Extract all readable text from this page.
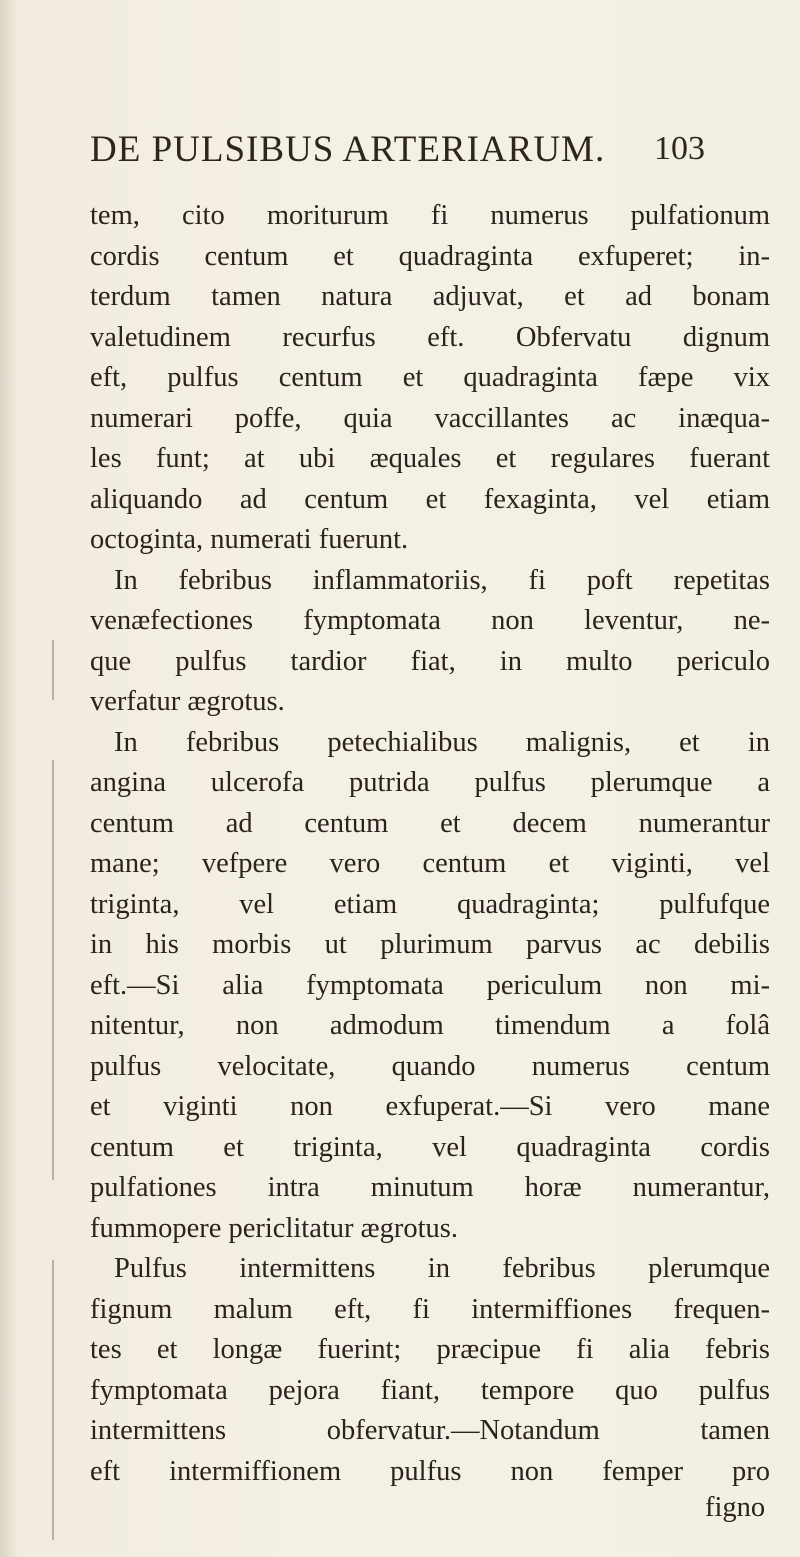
DE PULSIBUS ARTERIARUM. 103
tem, cito moriturum fi numerus pulfationum
cordis centum et quadraginta exfuperet; in-
terdum tamen natura adjuvat, et ad bonam
valetudinem recurfus eft. Obfervatu dignum
eft, pulfus centum et quadraginta fæpe vix
numerari poffe, quia vaccillantes ac inæqua-
les funt; at ubi æquales et regulares fuerant
aliquando ad centum et fexaginta, vel etiam
octoginta, numerati fuerunt.
In febribus inflammatoriis, fi poft repetitas
venæfectiones fymptomata non leventur, ne-
que pulfus tardior fiat, in multo periculo
verfatur ægrotus.
In febribus petechialibus malignis, et in
angina ulcerofa putrida pulfus plerumque a
centum ad centum et decem numerantur
mane; vefpere vero centum et viginti, vel
triginta, vel etiam quadraginta; pulfufque
in his morbis ut plurimum parvus ac debilis
eft.—Si alia fymptomata periculum non mi-
nitentur, non admodum timendum a folâ
pulfus velocitate, quando numerus centum
et viginti non exfuperat.—Si vero mane
centum et triginta, vel quadraginta cordis
pulfationes intra minutum horæ numerantur,
fummopere periclitatur ægrotus.
Pulfus intermittens in febribus plerumque
fignum malum eft, fi intermiffiones frequen-
tes et longæ fuerint; præcipue fi alia febris
fymptomata pejora fiant, tempore quo pulfus
intermittens obfervatur.—Notandum tamen
eft intermiffionem pulfus non femper pro
figno
